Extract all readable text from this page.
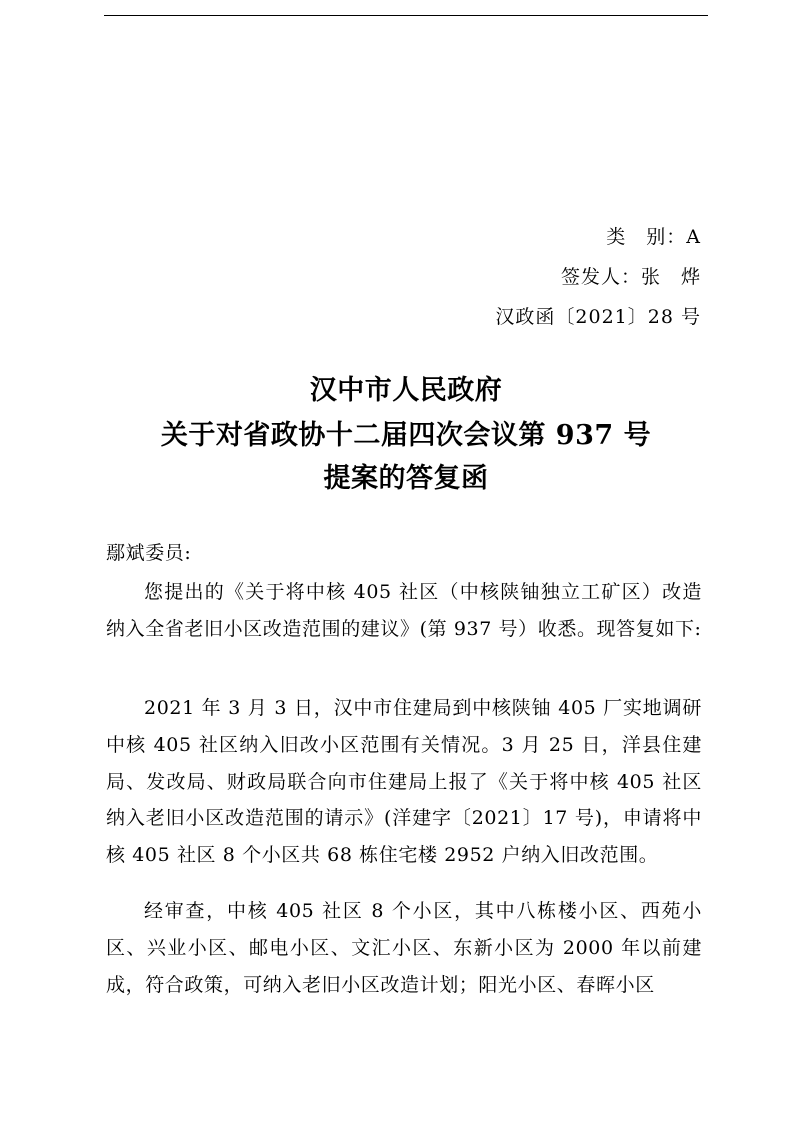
类　别：A
签发人：张　烨
汉政函〔2021〕28 号
汉中市人民政府
关于对省政协十二届四次会议第 937 号
提案的答复函
鄢斌委员:

您提出的《关于将中核 405 社区（中核陕铀独立工矿区）改造纳入全省老旧小区改造范围的建议》(第 937 号）收悉。现答复如下:

2021 年 3 月 3 日，汉中市住建局到中核陕铀 405 厂实地调研中核 405 社区纳入旧改小区范围有关情况。3 月 25 日，洋县住建局、发改局、财政局联合向市住建局上报了《关于将中核 405 社区纳入老旧小区改造范围的请示》(洋建字〔2021〕17 号)，申请将中核 405 社区 8 个小区共 68 栋住宅楼 2952 户纳入旧改范围。

经审查，中核 405 社区 8 个小区，其中八栋楼小区、西苑小区、兴业小区、邮电小区、文汇小区、东新小区为 2000 年以前建成，符合政策，可纳入老旧小区改造计划；阳光小区、春晖小区
